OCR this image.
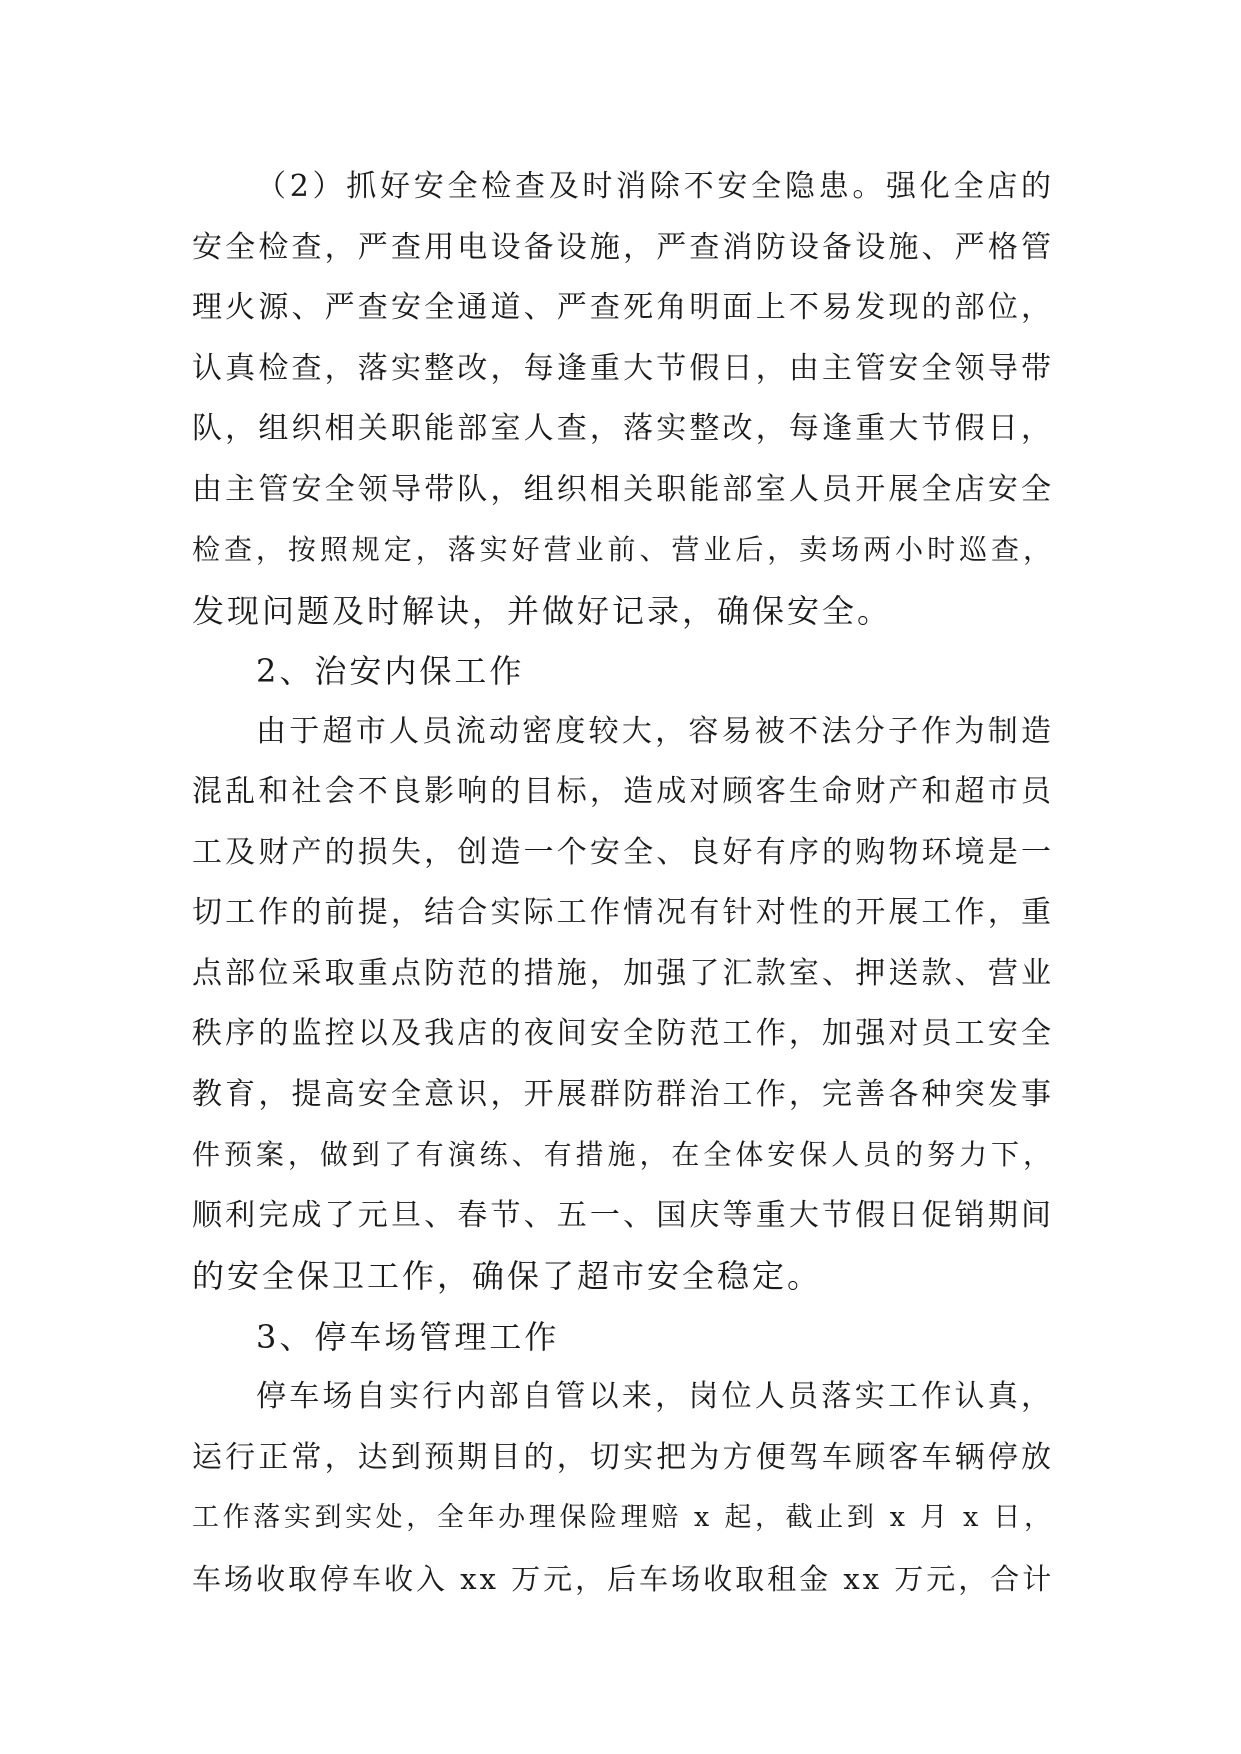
（2）抓好安全检查及时消除不安全隐患。强化全店的
安全检查，严查用电设备设施，严查消防设备设施、严格管
理火源、严查安全通道、严查死角明面上不易发现的部位，
认真检查，落实整改，每逢重大节假日，由主管安全领导带
队，组织相关职能部室人查，落实整改，每逢重大节假日，
由主管安全领导带队，组织相关职能部室人员开展全店安全
检查，按照规定，落实好营业前、营业后，卖场两小时巡查，
发现问题及时解诀，并做好记录，确保安全。
2、治安内保工作
由于超市人员流动密度较大，容易被不法分子作为制造
混乱和社会不良影响的目标，造成对顾客生命财产和超市员
工及财产的损失，创造一个安全、良好有序的购物环境是一
切工作的前提，结合实际工作情况有针对性的开展工作，重
点部位采取重点防范的措施，加强了汇款室、押送款、营业
秩序的监控以及我店的夜间安全防范工作，加强对员工安全
教育，提高安全意识，开展群防群治工作，完善各种突发事
件预案，做到了有演练、有措施，在全体安保人员的努力下，
顺利完成了元旦、春节、五一、国庆等重大节假日促销期间
的安全保卫工作，确保了超市安全稳定。
3、停车场管理工作
停车场自实行内部自管以来，岗位人员落实工作认真，
运行正常，达到预期目的，切实把为方便驾车顾客车辆停放
工作落实到实处，全年办理保险理赔 x 起，截止到 x 月 x 日，
车场收取停车收入 xx 万元，后车场收取租金 xx 万元，合计
